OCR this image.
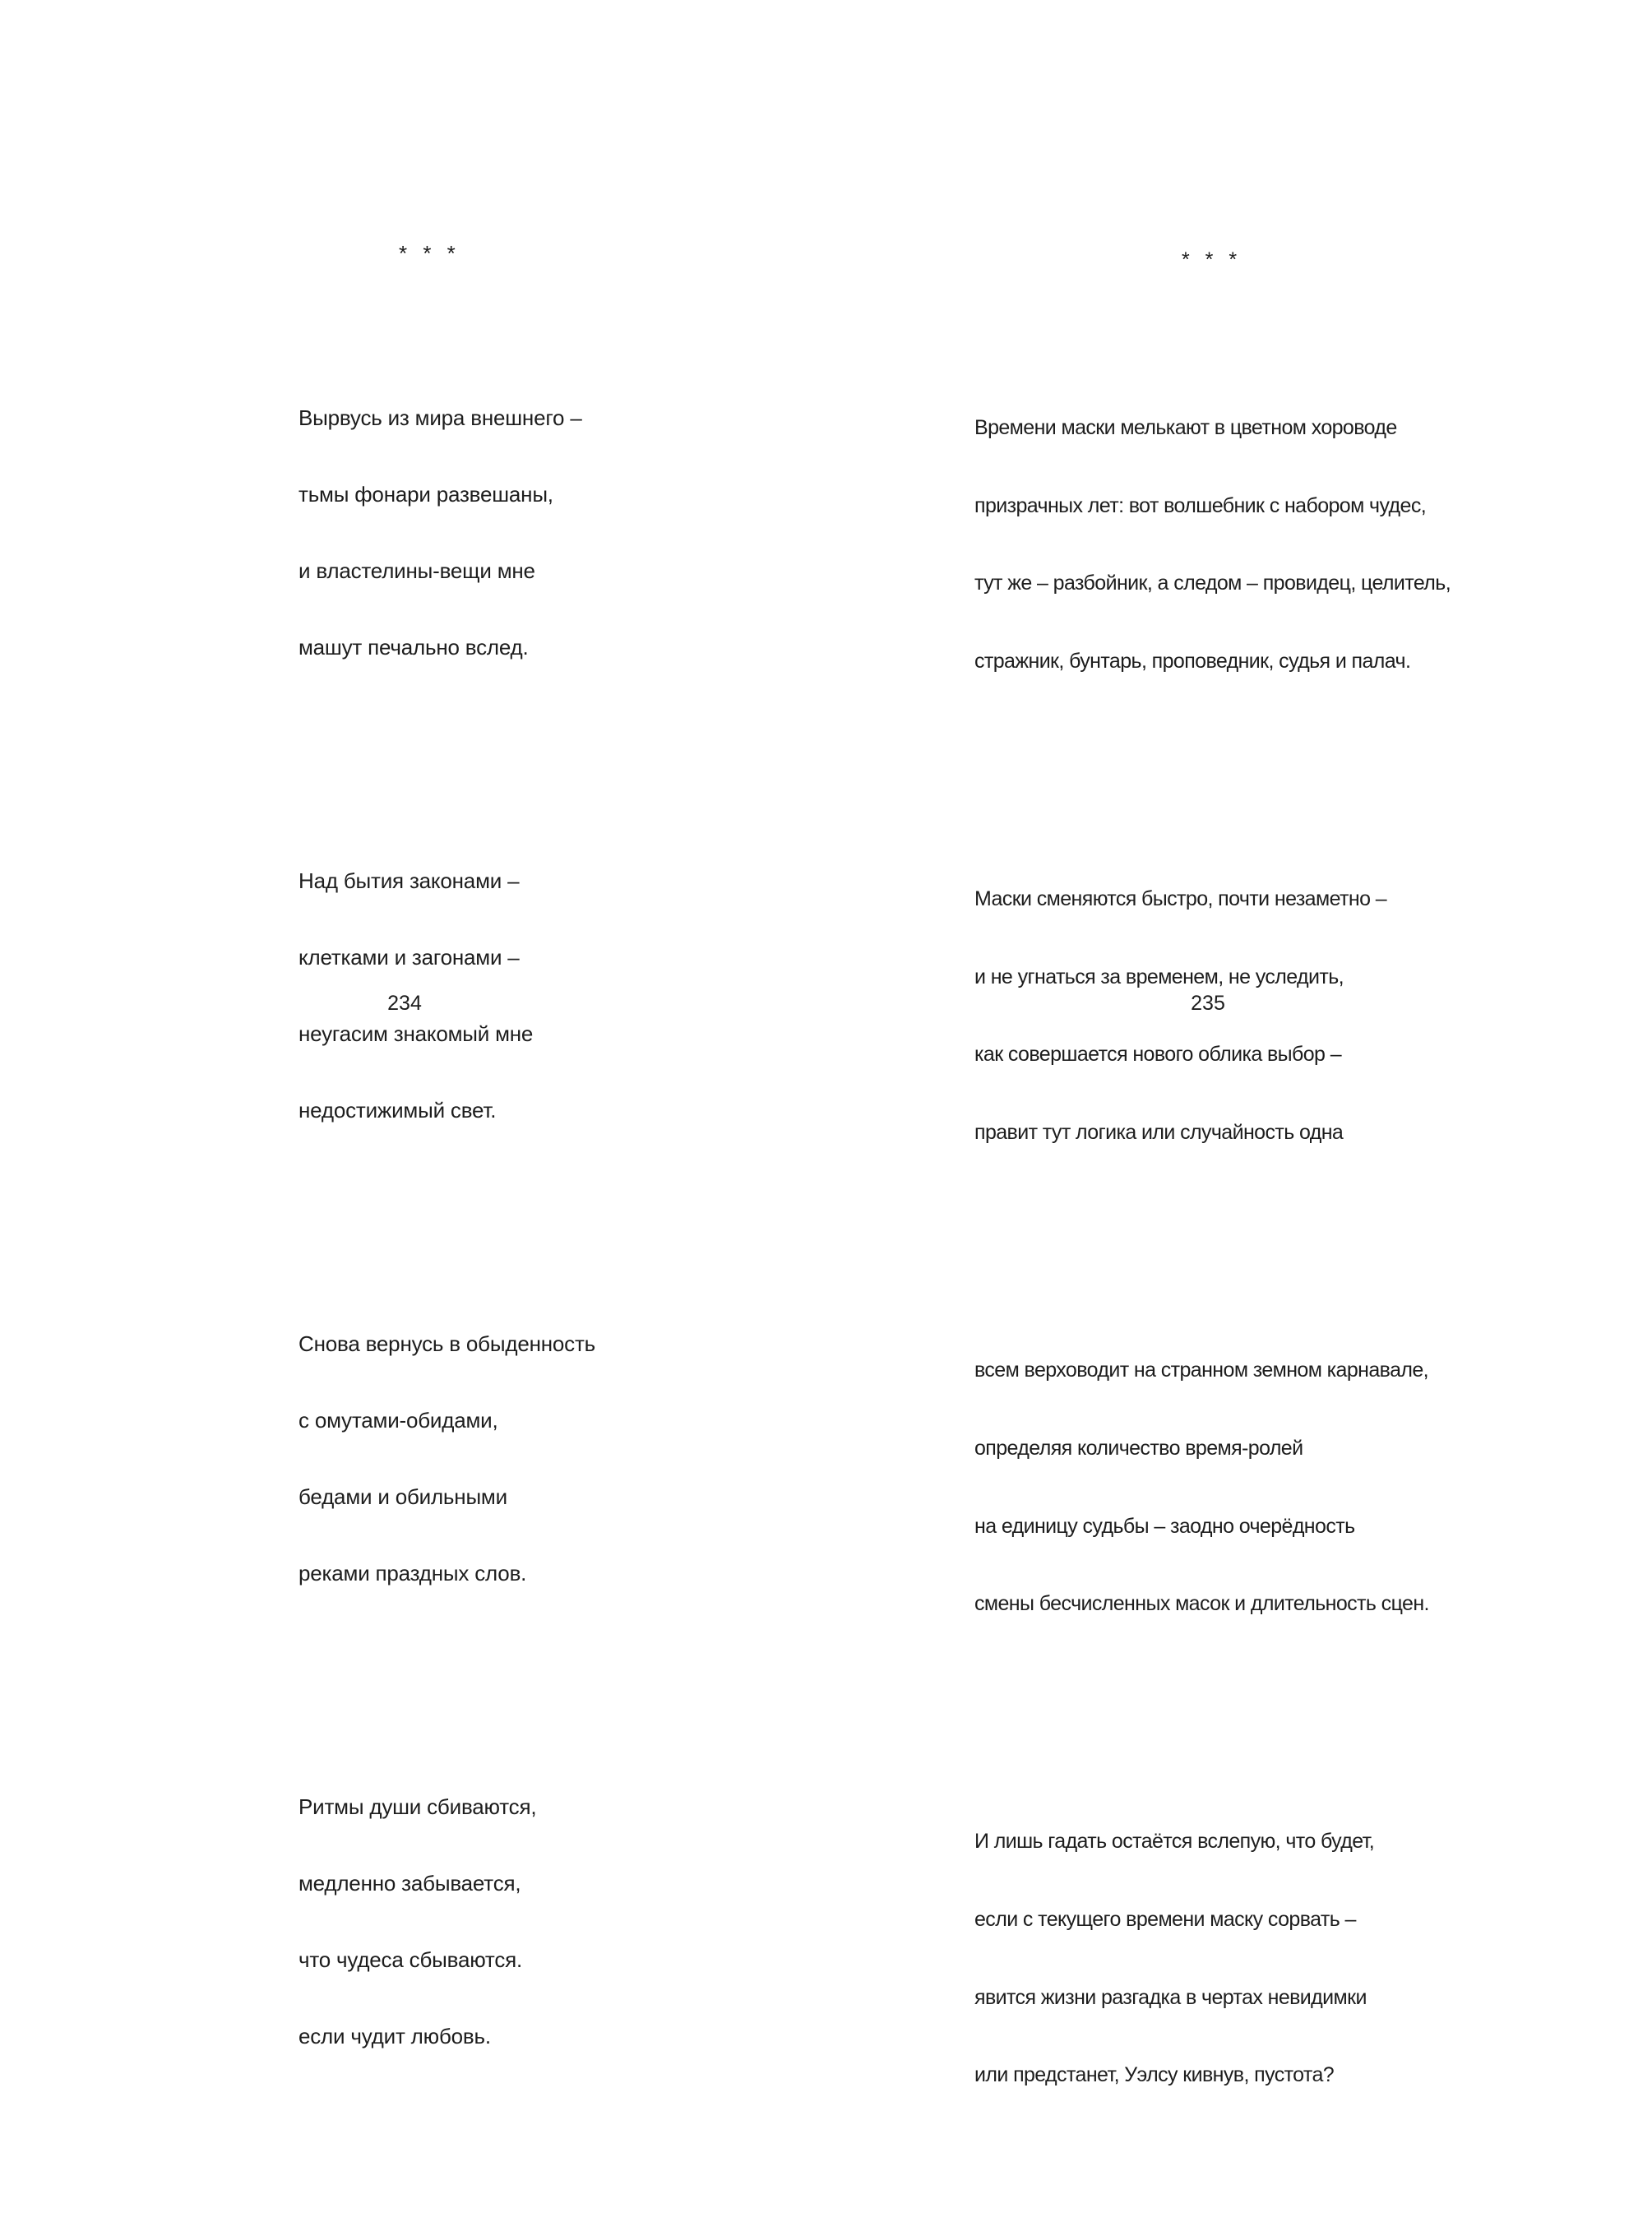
* * *

Вырвусь из мира внешнего –

тьмы фонари развешаны,

и властелины-вещи мне

машут печально вслед.

Над бытия законами –

клетками и загонами –

неугасим знакомый мне

недостижимый свет.

Снова вернусь в обыденность

с омутами-обидами,

бедами и обильными

реками праздных слов.

Ритмы души сбиваются,

медленно забывается,

что чудеса сбываются.

если чудит любовь.

* * *

Времени маски мелькают в цветном хороводе

призрачных лет: вот волшебник с набором чудес,

тут же – разбойник, а следом – провидец, целитель,

стражник, бунтарь, проповедник, судья и палач.

Маски сменяются быстро, почти незаметно –

и не угнаться за временем, не уследить,

как совершается нового облика выбор –

правит тут логика или случайность одна

всем верховодит на странном земном карнавале,

определяя количество время-ролей

на единицу судьбы – заодно очерёдность

смены бесчисленных масок и длительность сцен.

И лишь гадать остаётся вслепую, что будет,

если с текущего времени маску сорвать –

явится жизни разгадка в чертах невидимки

или предстанет, Уэлсу кивнув, пустота?

234	235
